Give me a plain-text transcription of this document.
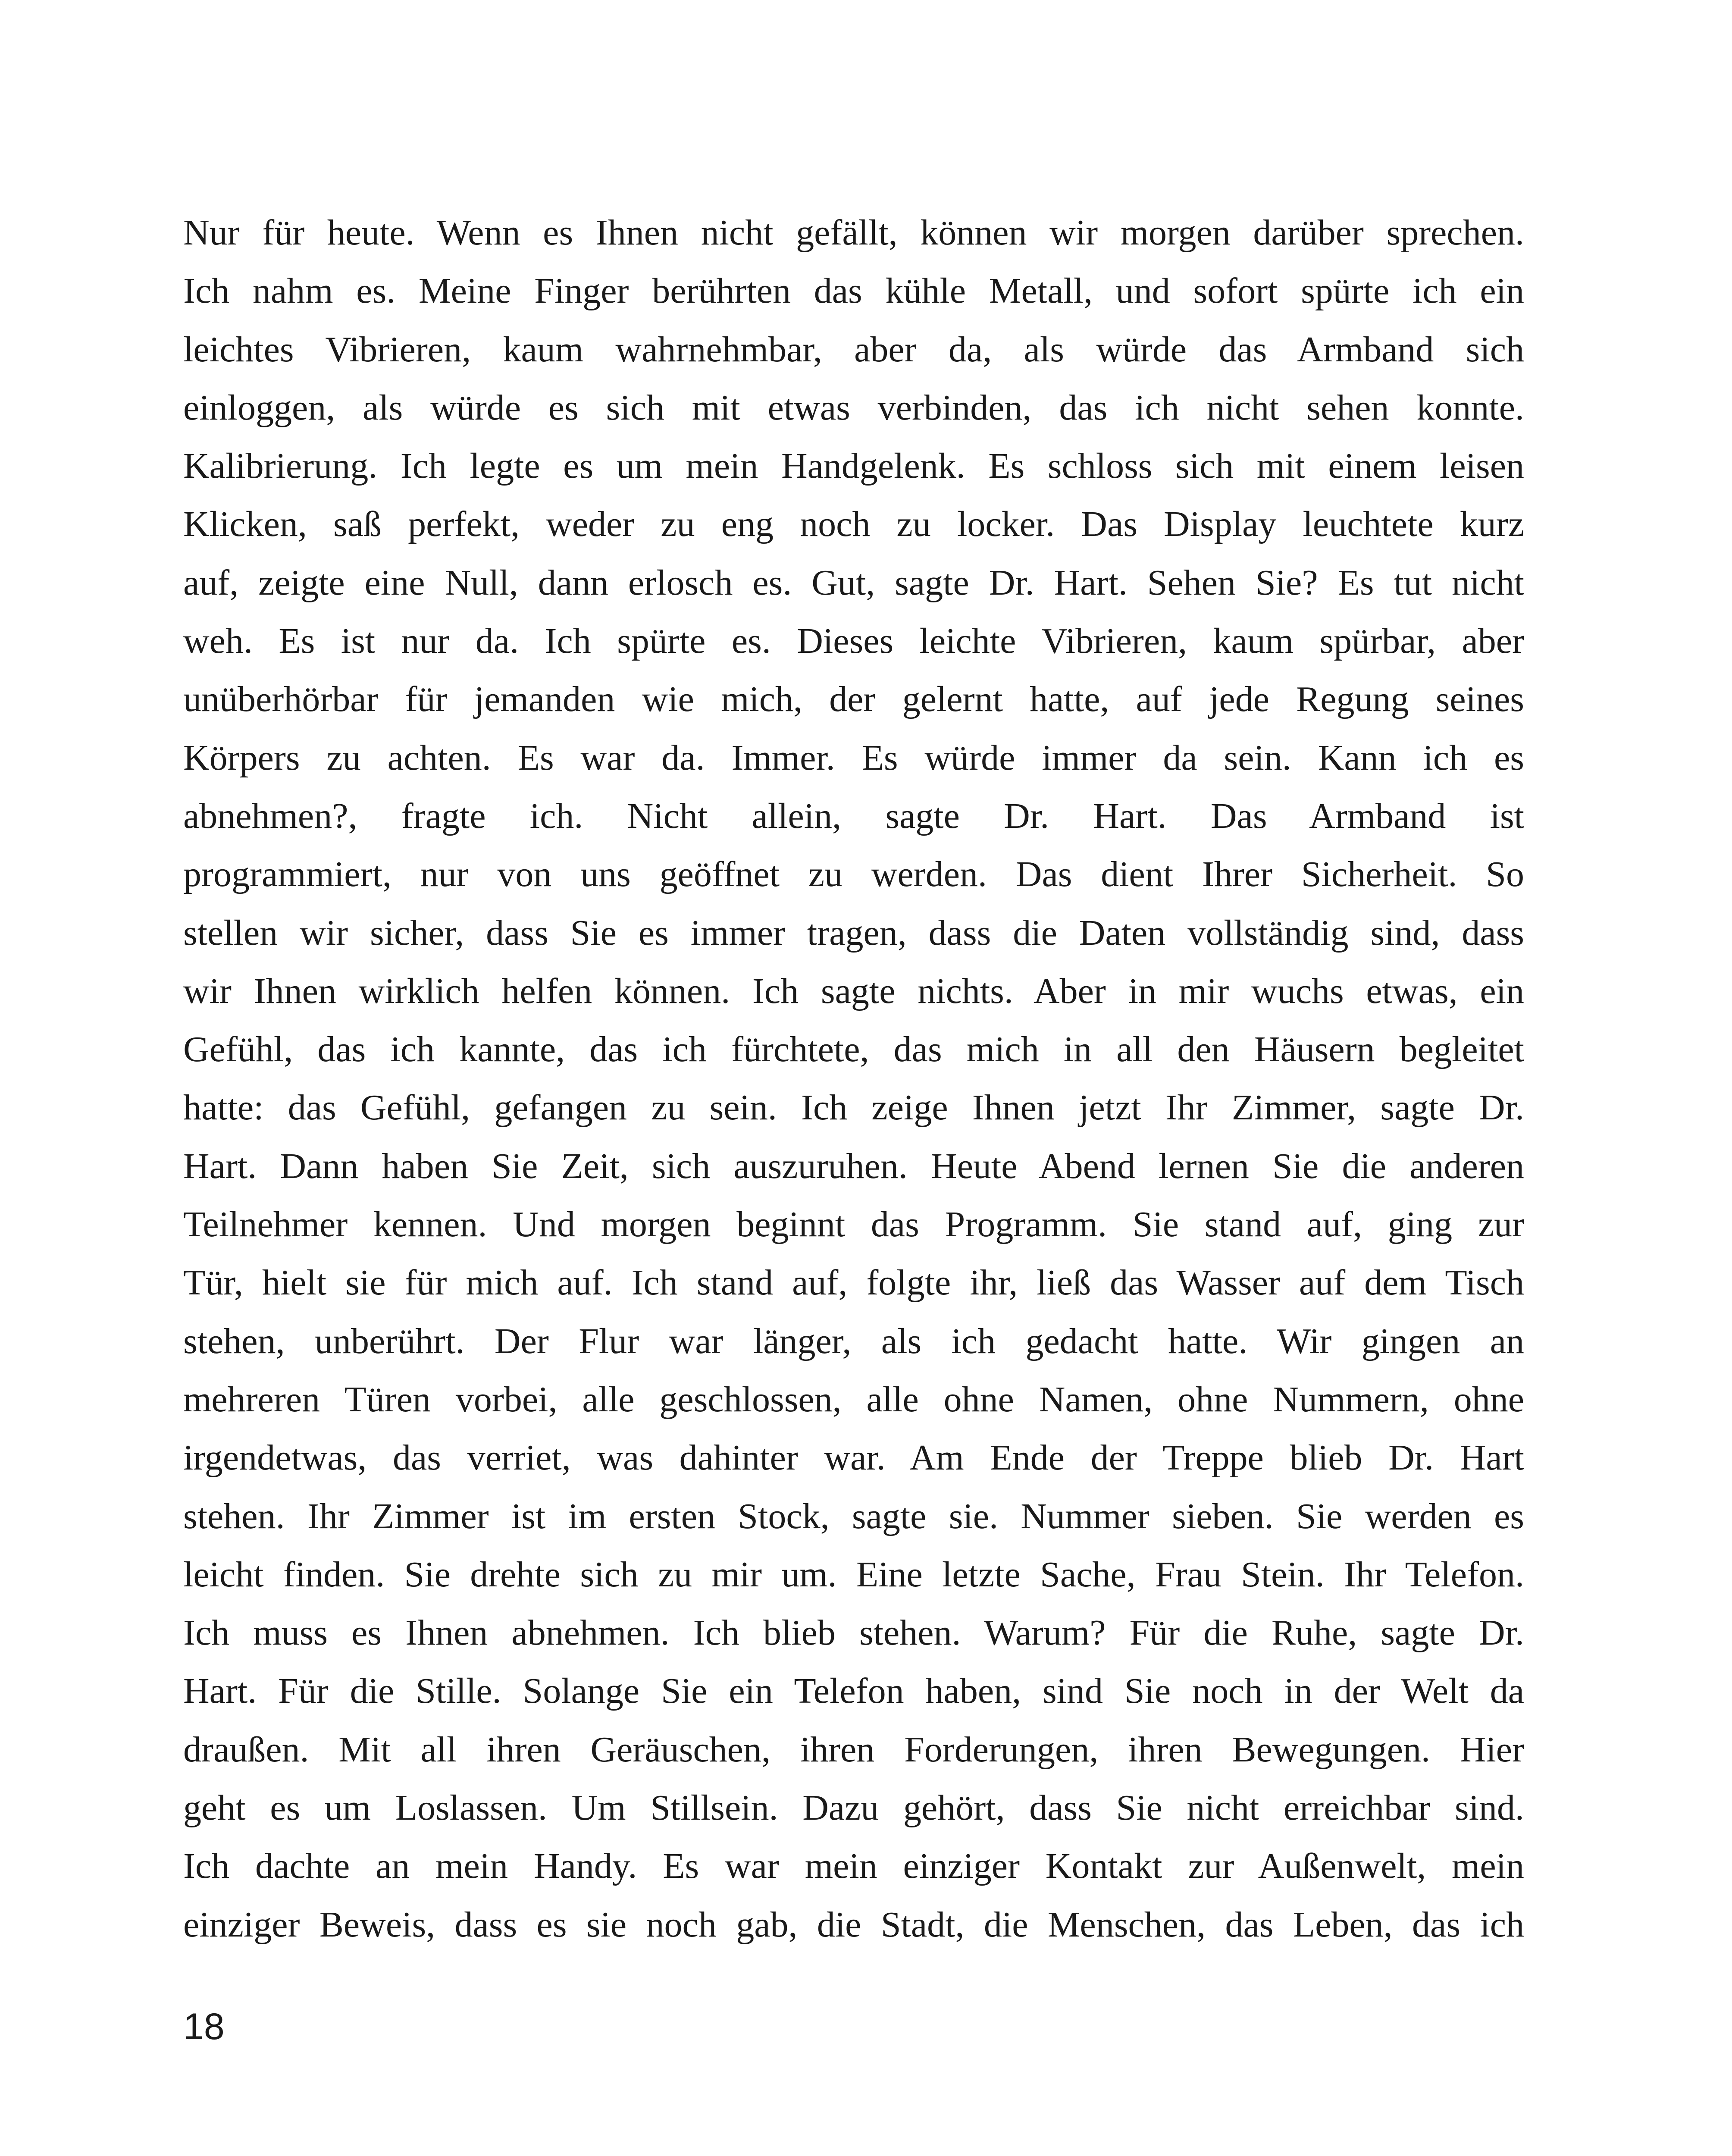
Nur für heute. Wenn es Ihnen nicht gefällt, können wir morgen darüber sprechen.
Ich nahm es. Meine Finger berührten das kühle Metall, und sofort spürte ich ein
leichtes Vibrieren, kaum wahrnehmbar, aber da, als würde das Armband sich
einloggen, als würde es sich mit etwas verbinden, das ich nicht sehen konnte.
Kalibrierung. Ich legte es um mein Handgelenk. Es schloss sich mit einem leisen
Klicken, saß perfekt, weder zu eng noch zu locker. Das Display leuchtete kurz
auf, zeigte eine Null, dann erlosch es. Gut, sagte Dr. Hart. Sehen Sie? Es tut nicht
weh. Es ist nur da. Ich spürte es. Dieses leichte Vibrieren, kaum spürbar, aber
unüberhörbar für jemanden wie mich, der gelernt hatte, auf jede Regung seines
Körpers zu achten. Es war da. Immer. Es würde immer da sein. Kann ich es
abnehmen?, fragte ich. Nicht allein, sagte Dr. Hart. Das Armband ist
programmiert, nur von uns geöffnet zu werden. Das dient Ihrer Sicherheit. So
stellen wir sicher, dass Sie es immer tragen, dass die Daten vollständig sind, dass
wir Ihnen wirklich helfen können. Ich sagte nichts. Aber in mir wuchs etwas, ein
Gefühl, das ich kannte, das ich fürchtete, das mich in all den Häusern begleitet
hatte: das Gefühl, gefangen zu sein. Ich zeige Ihnen jetzt Ihr Zimmer, sagte Dr.
Hart. Dann haben Sie Zeit, sich auszuruhen. Heute Abend lernen Sie die anderen
Teilnehmer kennen. Und morgen beginnt das Programm. Sie stand auf, ging zur
Tür, hielt sie für mich auf. Ich stand auf, folgte ihr, ließ das Wasser auf dem Tisch
stehen, unberührt. Der Flur war länger, als ich gedacht hatte. Wir gingen an
mehreren Türen vorbei, alle geschlossen, alle ohne Namen, ohne Nummern, ohne
irgendetwas, das verriet, was dahinter war. Am Ende der Treppe blieb Dr. Hart
stehen. Ihr Zimmer ist im ersten Stock, sagte sie. Nummer sieben. Sie werden es
leicht finden. Sie drehte sich zu mir um. Eine letzte Sache, Frau Stein. Ihr Telefon.
Ich muss es Ihnen abnehmen. Ich blieb stehen. Warum? Für die Ruhe, sagte Dr.
Hart. Für die Stille. Solange Sie ein Telefon haben, sind Sie noch in der Welt da
draußen. Mit all ihren Geräuschen, ihren Forderungen, ihren Bewegungen. Hier
geht es um Loslassen. Um Stillsein. Dazu gehört, dass Sie nicht erreichbar sind.
Ich dachte an mein Handy. Es war mein einziger Kontakt zur Außenwelt, mein
einziger Beweis, dass es sie noch gab, die Stadt, die Menschen, das Leben, das ich

18
